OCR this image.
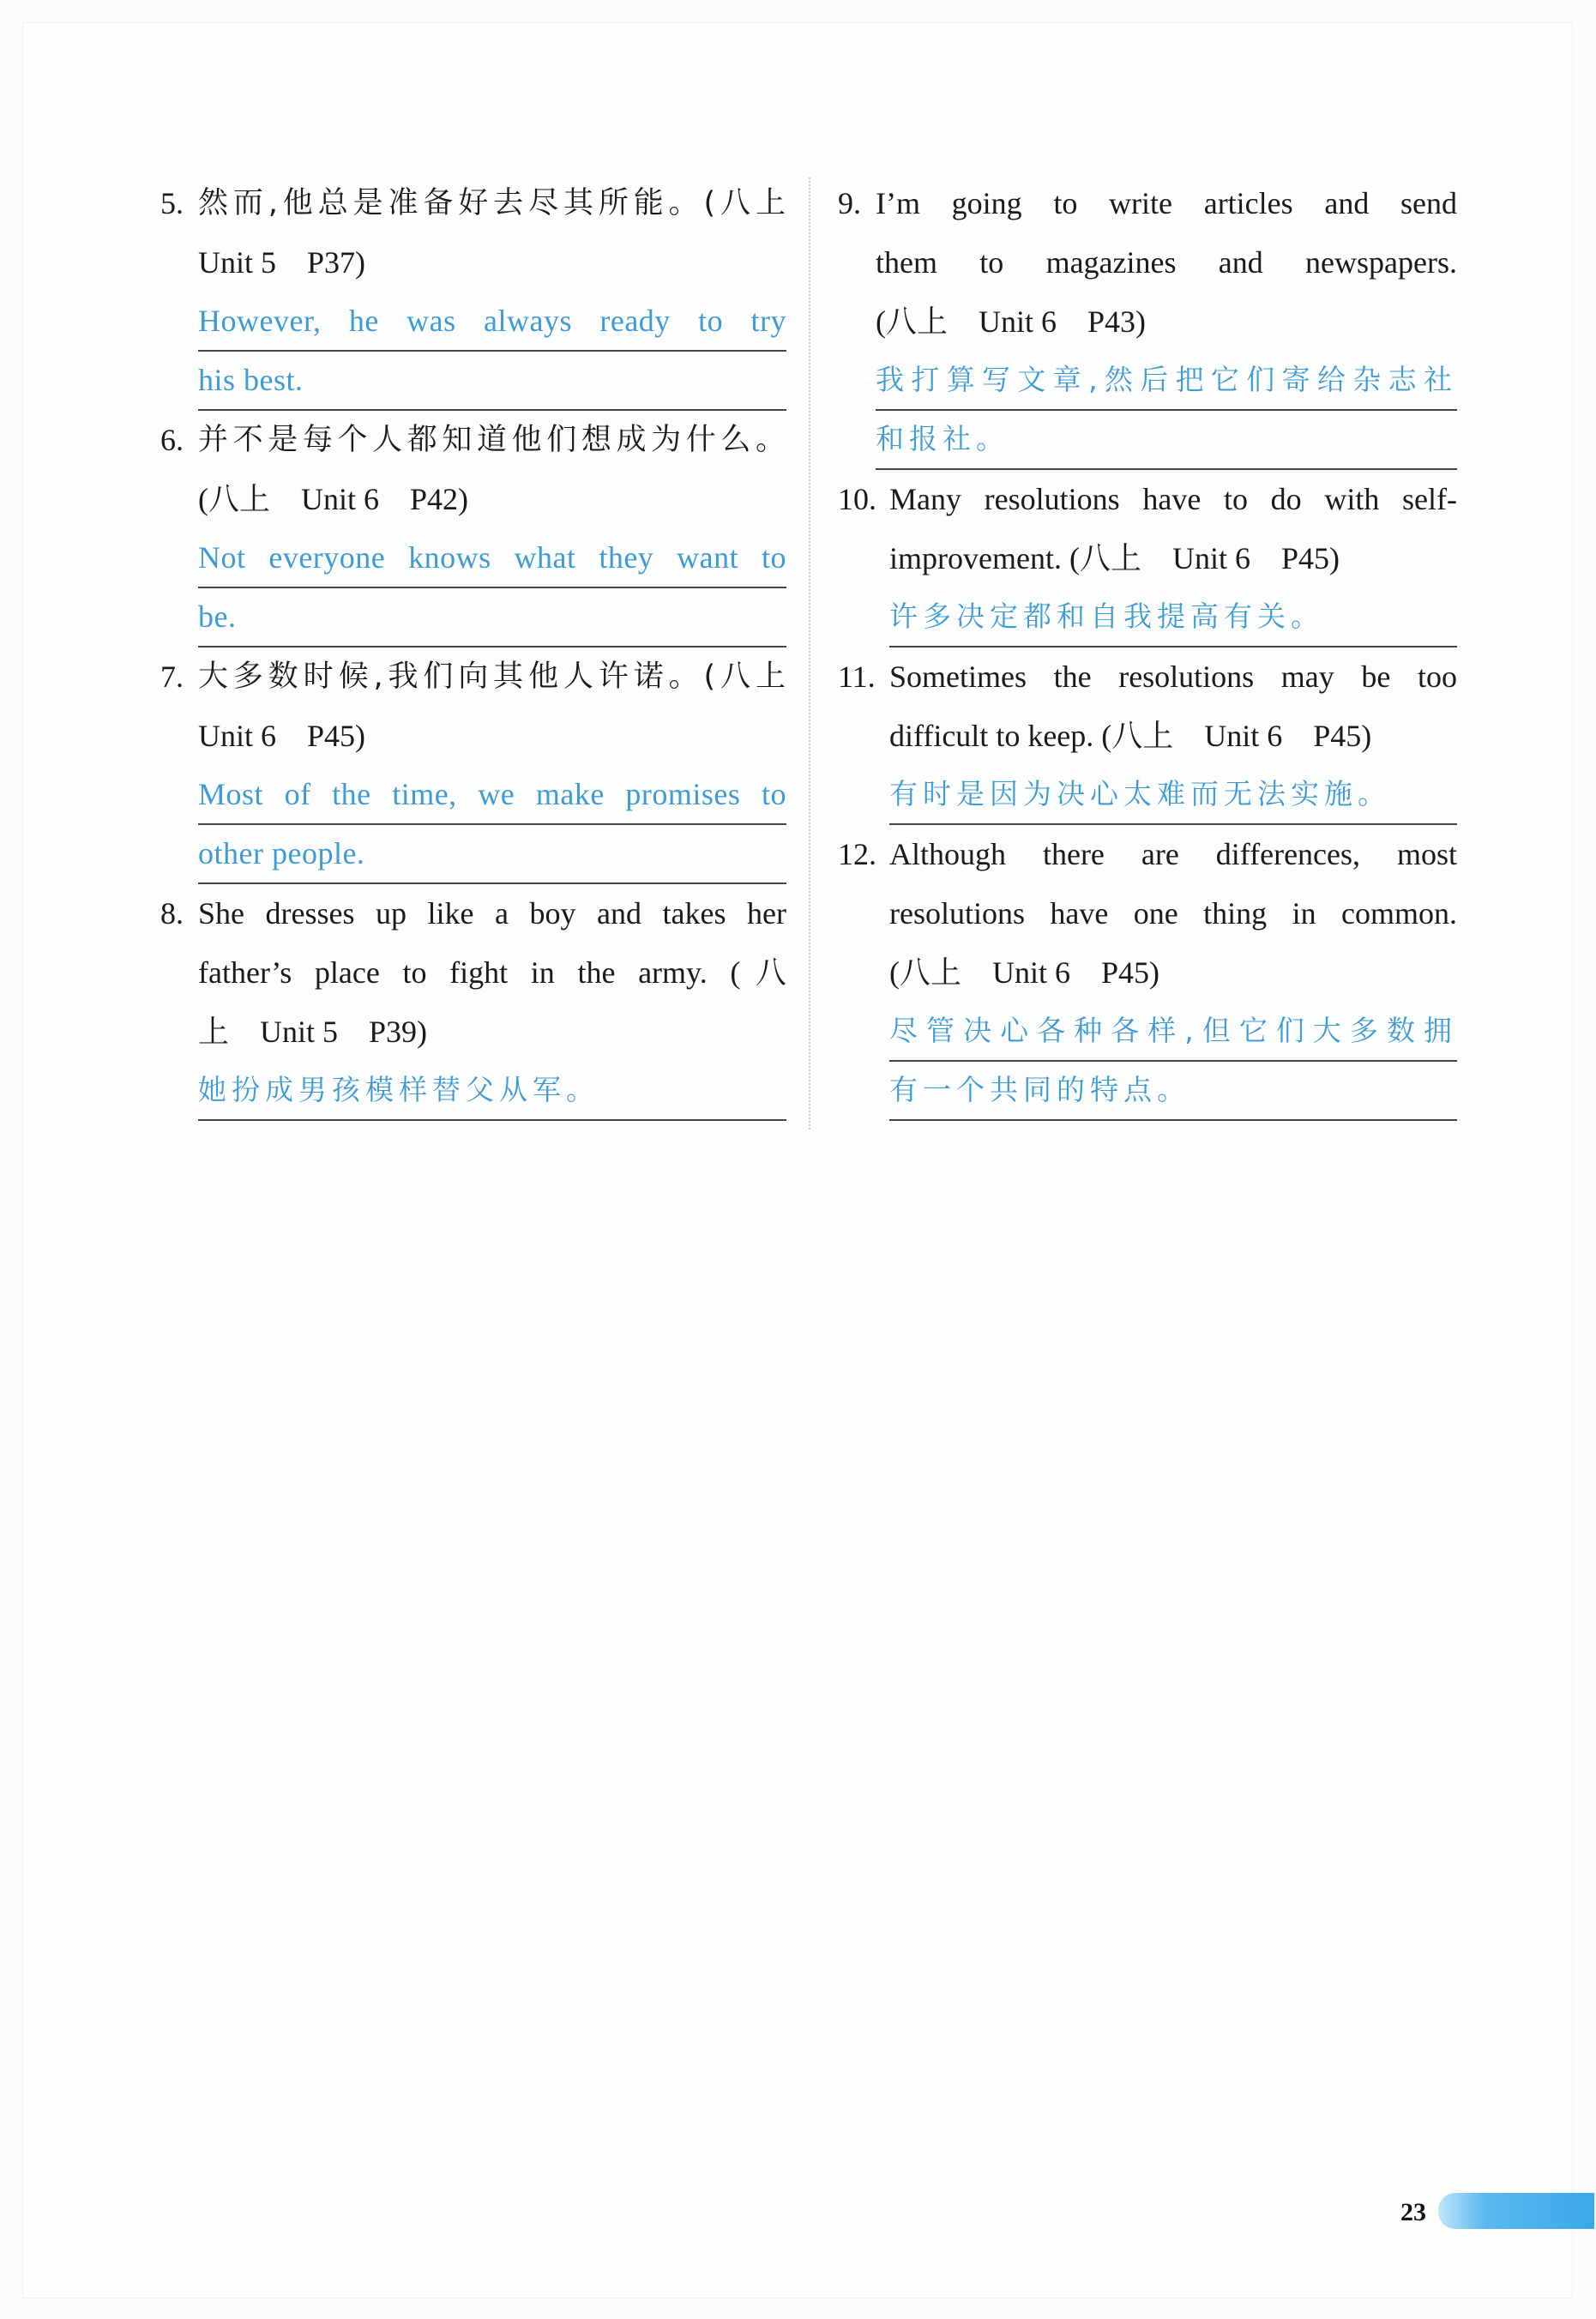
5. 然而,他总是准备好去尽其所能。(八上
Unit 5　P37)
However, he was always ready to try
his best.
6. 并不是每个人都知道他们想成为什么。
(八上　Unit 6　P42)
Not everyone knows what they want to
be.
7. 大多数时候,我们向其他人许诺。(八上
Unit 6　P45)
Most of the time, we make promises to
other people.
8. She dresses up like a boy and takes her
father’s place to fight in the army. (八
上　Unit 5　P39)
她扮成男孩模样替父从军。
9. I’m going to write articles and send
them to magazines and newspapers.
(八上　Unit 6　P43)
我打算写文章,然后把它们寄给杂志社
和报社。
10. Many resolutions have to do with self-
improvement. (八上　Unit 6　P45)
许多决定都和自我提高有关。
11. Sometimes the resolutions may be too
difficult to keep. (八上　Unit 6　P45)
有时是因为决心太难而无法实施。
12. Although there are differences, most
resolutions have one thing in common.
(八上　Unit 6　P45)
尽管决心各种各样,但它们大多数拥
有一个共同的特点。
23
